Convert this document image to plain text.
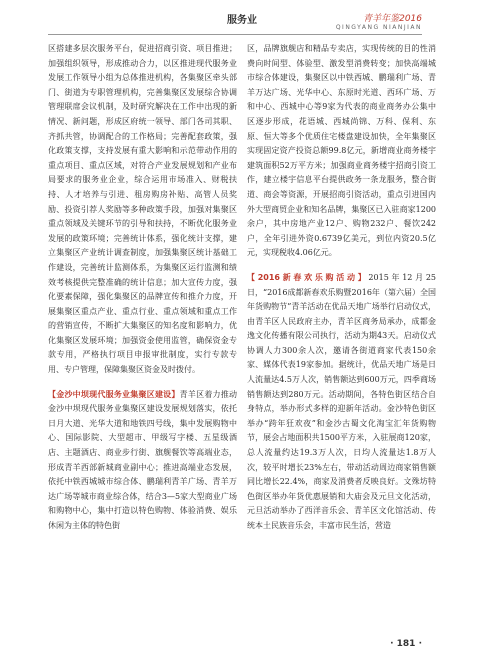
服务业	青羊年鉴2016
QINGYANG NIANJIAN

区搭建多层次服务平台，促进招商引资、项目推进；加强组织领导，形成推动合力，以区推进现代服务业发展工作领导小组为总体推进机构，各集聚区牵头部门、街道为专职管理机构，完善集聚区发展综合协调管理联席会议机制，及时研究解决在工作中出现的新情况、新问题，形成区府统一领导、部门各司其职、齐抓共管，协调配合的工作格局；完善配套政策，强化政策支撑，支持发展有重大影响和示范带动作用的重点项目、重点区域，对符合产业发展规划和产业布局要求的服务业企业，综合运用市场准入、财税扶持、人才培养与引进、租房购房补贴、高管人员奖励、投资引荐人奖励等多种政策手段，加强对集聚区重点领域及关键环节的引导和扶持，不断优化服务业发展的政策环境；完善统计体系，强化统计支撑，建立集聚区产业统计调查制度，加强集聚区统计基础工作建设，完善统计监测体系，为集聚区运行监测和绩效考核提供完整准确的统计信息；加大宣传力度，强化要素保障，强化集聚区的品牌宣传和推介力度，开展集聚区重点产业、重点行业、重点领域和重点工作的营销宣传，不断扩大集聚区的知名度和影响力，优化集聚区发展环境；加强资金使用监管，确保资金专款专用，严格执行项目申报审批制度，实行专款专用、专户管理，保障集聚区资金及时拨付。

【金沙中坝现代服务业集聚区建设】青羊区着力推动金沙中坝现代服务业集聚区建设发展规划落实，依托日月大道、光华大道和地铁四号线，集中发展购物中心、国际影院、大型超市、甲级写字楼、五星级酒店、主题酒店、商业步行街、旗舰餐饮等高端业态，形成青羊西部新城商业副中心；推进高端业态发展，依托中铁西城城市综合体、鹏瑞利青羊广场、青羊万达广场等城市商业综合体，结合3—5家大型商业广场和购物中心，集中打造以特色购物、体验消费、娱乐休闲为主体的特色街

区，品牌旗舰店和精品专卖店，实现传统的目的性消费向时间型、体验型、激发型消费转变；加快高端城市综合体建设，集聚区以中铁西城、鹏瑞利广场、青羊万达广场、光华中心、东原时光道、西环广场、万和中心、西城中心等9家为代表的商业商务办公集中区逐步形成，花语城、西城尚锦、万科、保利、东原、恒大等多个优质住宅楼盘建设加快，全年集聚区实现固定资产投资总额99.8亿元，新增商业商务楼宇建筑面积52万平方米；加强商业商务楼宇招商引资工作，建立楼宇信息平台提供政务一条龙服务，整合街道、商会等资源，开展招商引资活动，重点引进国内外大型商贸企业和知名品牌，集聚区已入驻商家1200余户，其中房地产业12户、购物232户、餐饮242户，全年引进外资0.6739亿美元，到位内资20.5亿元，实现税收4.06亿元。

【2016新春欢乐购活动】2015年12月25日，“2016成都新春欢乐购暨2016年（第六届）全国年货购物节”青羊活动在优品天地广场举行启动仪式，由青羊区人民政府主办，青羊区商务局承办，成都金逸文化传播有限公司执行，活动为期43天。启动仪式协调人力300余人次，邀请各街道商家代表150余家、媒体代表19家参加。据统计，优品天地广场是日人流量达4.5万人次，销售额达到600万元，四季商场销售额达到280万元。活动期间，各特色街区结合自身特点，举办形式多样的迎新年活动。金沙特色街区举办“跨年狂欢夜”和金沙古蜀文化淘宝汇年货购物节，展会占地面积共1500平方米，入驻展商120家，总人流量约达19.3万人次，日均人流量达1.8万人次，较平时增长23%左右，带动活动周边商家销售额同比增长22.4%，商家及消费者反映良好。文殊坊特色街区举办年货优惠展销和大庙会及元旦文化活动，元旦活动举办了西洋音乐会、青羊区文化馆活动、传统本土民族音乐会，丰富市民生活，营造

· 181 ·
